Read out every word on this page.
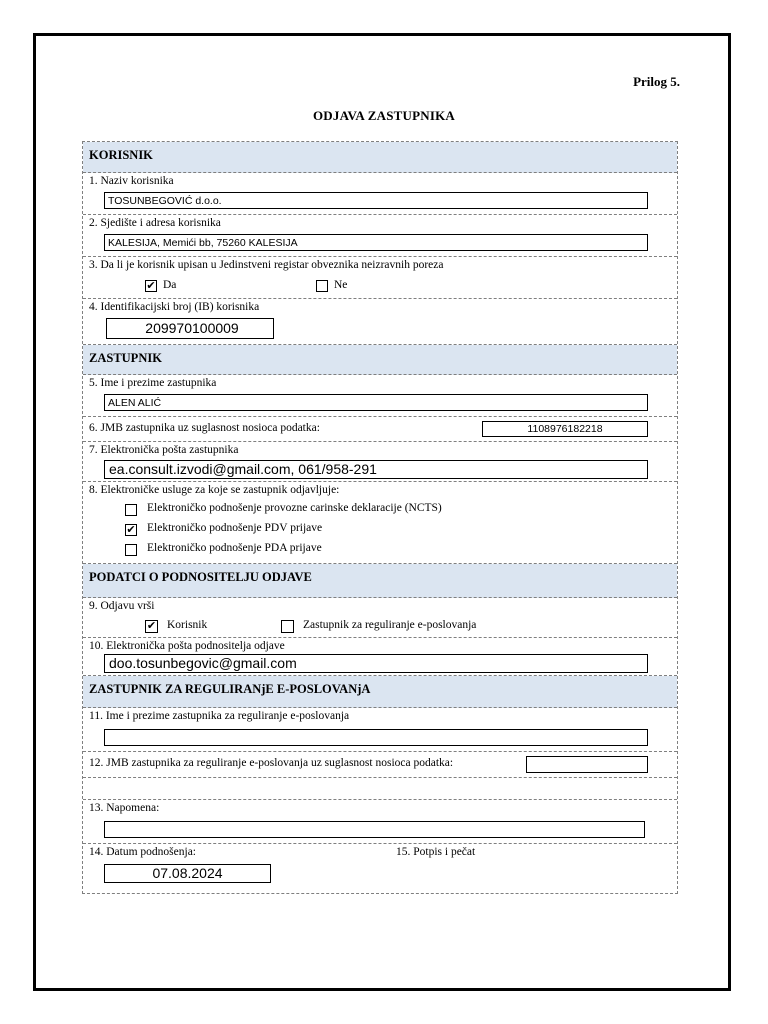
Prilog 5.
ODJAVA ZASTUPNIKA
KORISNIK
1. Naziv korisnika
TOSUNBEGOVIĆ d.o.o.
2. Sjedište i adresa korisnika
KALESIJA, Memići bb, 75260 KALESIJA
3. Da li je korisnik upisan u Jedinstveni registar obveznika neizravnih poreza
✔ Da	Ne
4. Identifikacijski broj (IB) korisnika
209970100009
ZASTUPNIK
5. Ime i prezime zastupnika
ALEN ALIĆ
6. JMB zastupnika uz suglasnost nosioca podatka:	1108976182218
7. Elektronička pošta zastupnika
ea.consult.izvodi@gmail.com, 061/958-291
8. Elektroničke usluge za koje se zastupnik odjavljuje:
Elektroničko podnošenje provozne carinske deklaracije (NCTS)
✔ Elektroničko podnošenje PDV prijave
Elektroničko podnošenje PDA prijave
PODATCI O PODNOSITELJU ODJAVE
9. Odjavu vrši
✔ Korisnik	Zastupnik za reguliranje e-poslovanja
10. Elektronička pošta podnositelja odjave
doo.tosunbegovic@gmail.com
ZASTUPNIK ZA REGULIRANjE E-POSLOVANjA
11. Ime i prezime zastupnika za reguliranje e-poslovanja
12. JMB zastupnika za reguliranje e-poslovanja uz suglasnost nosioca podatka:
13. Napomena:
14. Datum podnošenja:
07.08.2024
15. Potpis i pečat
